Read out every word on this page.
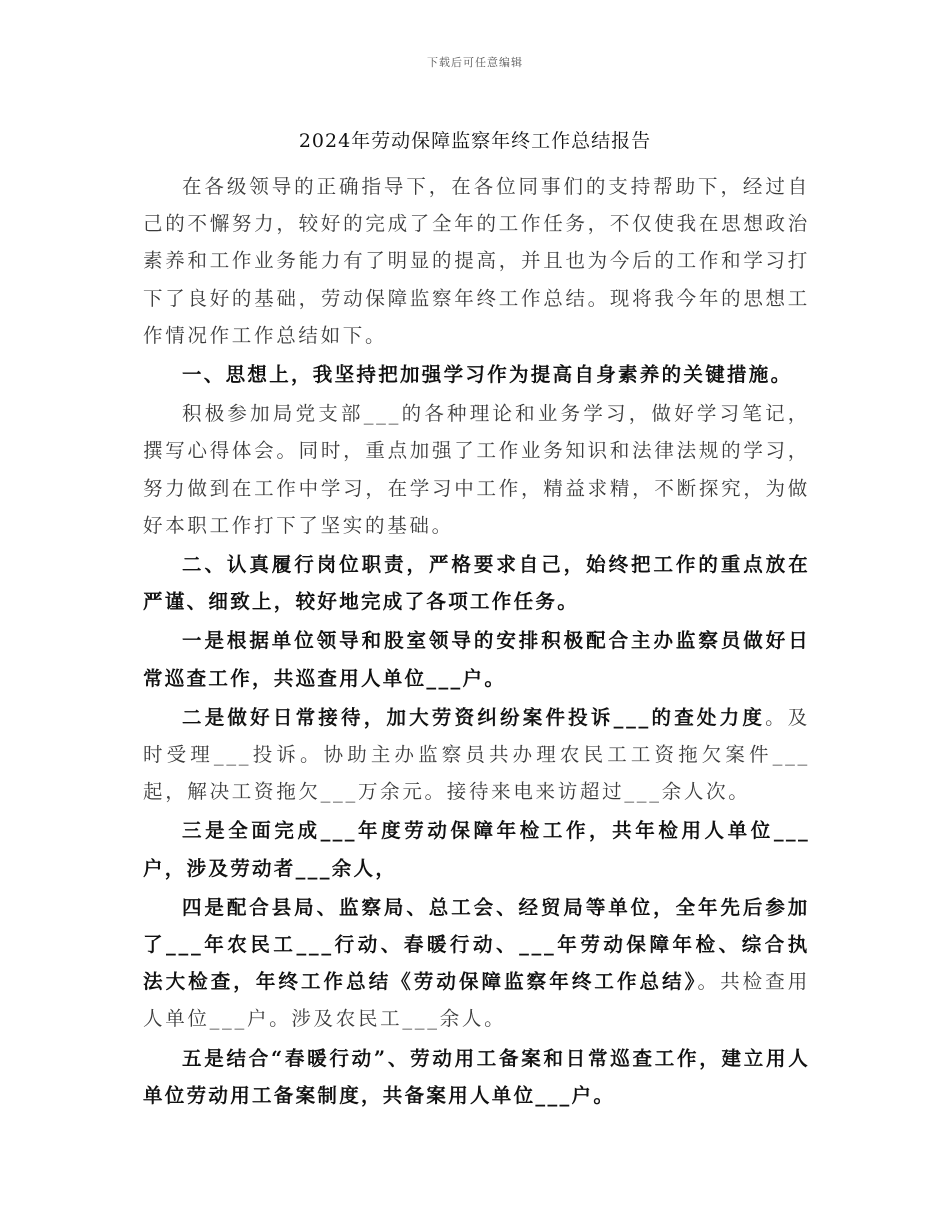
下载后可任意编辑
2024年劳动保障监察年终工作总结报告

在各级领导的正确指导下，在各位同事们的支持帮助下，经过自己的不懈努力，较好的完成了全年的工作任务，不仅使我在思想政治素养和工作业务能力有了明显的提高，并且也为今后的工作和学习打下了良好的基础，劳动保障监察年终工作总结。现将我今年的思想工作情况作工作总结如下。

一、思想上，我坚持把加强学习作为提高自身素养的关键措施。

积极参加局党支部___的各种理论和业务学习，做好学习笔记，撰写心得体会。同时，重点加强了工作业务知识和法律法规的学习，努力做到在工作中学习，在学习中工作，精益求精，不断探究，为做好本职工作打下了坚实的基础。

二、认真履行岗位职责，严格要求自己，始终把工作的重点放在严谨、细致上，较好地完成了各项工作任务。

一是根据单位领导和股室领导的安排积极配合主办监察员做好日常巡查工作，共巡查用人单位___户。

二是做好日常接待，加大劳资纠纷案件投诉___的查处力度。及时受理___投诉。协助主办监察员共办理农民工工资拖欠案件___起，解决工资拖欠___万余元。接待来电来访超过___余人次。

三是全面完成___年度劳动保障年检工作，共年检用人单位___户，涉及劳动者___余人，

四是配合县局、监察局、总工会、经贸局等单位，全年先后参加了___年农民工___行动、春暖行动、___年劳动保障年检、综合执法大检查，年终工作总结《劳动保障监察年终工作总结》。共检查用人单位___户。涉及农民工___余人。

五是结合“春暖行动”、劳动用工备案和日常巡查工作，建立用人单位劳动用工备案制度，共备案用人单位___户。
